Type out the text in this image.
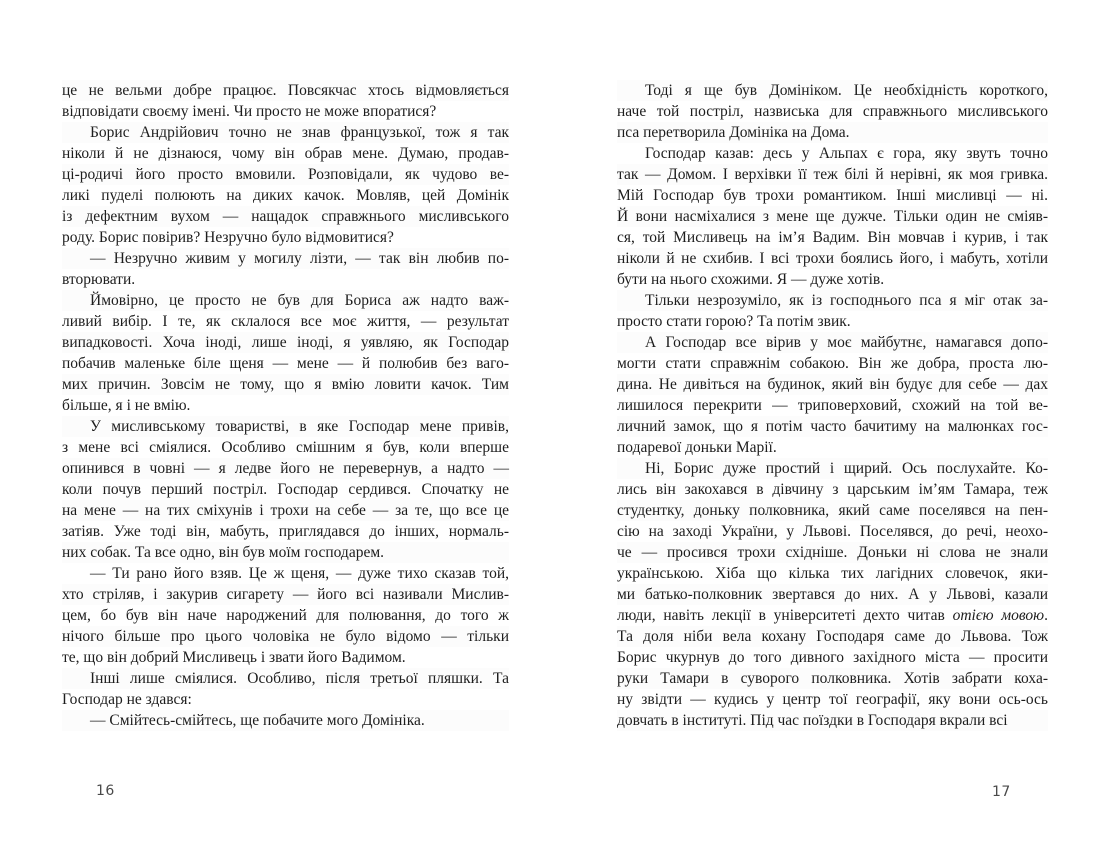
це не вельми добре працює. Повсякчас хтось відмовляється
відповідати своєму імені. Чи просто не може впоратися?
Борис Андрійович точно не знав французької, тож я так
ніколи й не дізнаюся, чому він обрав мене. Думаю, продав-
ці-родичі його просто вмовили. Розповідали, як чудово ве-
ликі пуделі полюють на диких качок. Мовляв, цей Домінік
із дефектним вухом — нащадок справжнього мисливського
роду. Борис повірив? Незручно було відмовитися?
— Незручно живим у могилу лізти, — так він любив по-
вторювати.
Ймовірно, це просто не був для Бориса аж надто важ-
ливий вибір. І те, як склалося все моє життя, — результат
випадковості. Хоча іноді, лише іноді, я уявляю, як Господар
побачив маленьке біле щеня — мене — й полюбив без ваго-
мих причин. Зовсім не тому, що я вмію ловити качок. Тим
більше, я і не вмію.
У мисливському товаристві, в яке Господар мене привів,
з мене всі сміялися. Особливо смішним я був, коли вперше
опинився в човні — я ледве його не перевернув, а надто —
коли почув перший постріл. Господар сердився. Спочатку не
на мене — на тих сміхунів і трохи на себе — за те, що все це
затіяв. Уже тоді він, мабуть, приглядався до інших, нормаль-
них собак. Та все одно, він був моїм господарем.
— Ти рано його взяв. Це ж щеня, — дуже тихо сказав той,
хто стріляв, і закурив сигарету — його всі називали Мислив-
цем, бо був він наче народжений для полювання, до того ж
нічого більше про цього чоловіка не було відомо — тільки
те, що він добрий Мисливець і звати його Вадимом.
Інші лише сміялися. Особливо, після третьої пляшки. Та
Господар не здався:
— Смійтесь-смійтесь, ще побачите мого Домініка.
Тоді я ще був Домініком. Це необхідність короткого,
наче той постріл, назвиська для справжнього мисливського
пса перетворила Домініка на Дома.
Господар казав: десь у Альпах є гора, яку звуть точно
так — Домом. І верхівки її теж білі й нерівні, як моя гривка.
Мій Господар був трохи романтиком. Інші мисливці — ні.
Й вони насміхалися з мене ще дужче. Тільки один не сміяв-
ся, той Мисливець на ім’я Вадим. Він мовчав і курив, і так
ніколи й не схибив. І всі трохи боялись його, і мабуть, хотіли
бути на нього схожими. Я — дуже хотів.
Тільки незрозуміло, як із господнього пса я міг отак за-
просто стати горою? Та потім звик.
А Господар все вірив у моє майбутнє, намагався допо-
могти стати справжнім собакою. Він же добра, проста лю-
дина. Не дивіться на будинок, який він будує для себе — дах
лишилося перекрити — триповерховий, схожий на той ве-
личний замок, що я потім часто бачитиму на малюнках гос-
подаревої доньки Марії.
Ні, Борис дуже простий і щирий. Ось послухайте. Ко-
лись він закохався в дівчину з царським ім’ям Тамара, теж
студентку, доньку полковника, який саме поселявся на пен-
сію на заході України, у Львові. Поселявся, до речі, неохо-
че — просився трохи східніше. Доньки ні слова не знали
українською. Хіба що кілька тих лагідних словечок, яки-
ми батько-полковник звертався до них. А у Львові, казали
люди, навіть лекції в університеті дехто читав отією мовою.
Та доля ніби вела кохану Господаря саме до Львова. Тож
Борис чкурнув до того дивного західного міста — просити
руки Тамари в суворого полковника. Хотів забрати коха-
ну звідти — кудись у центр тої географії, яку вони ось-ось
довчать в інституті. Під час поїздки в Господаря вкрали всі
16	17
